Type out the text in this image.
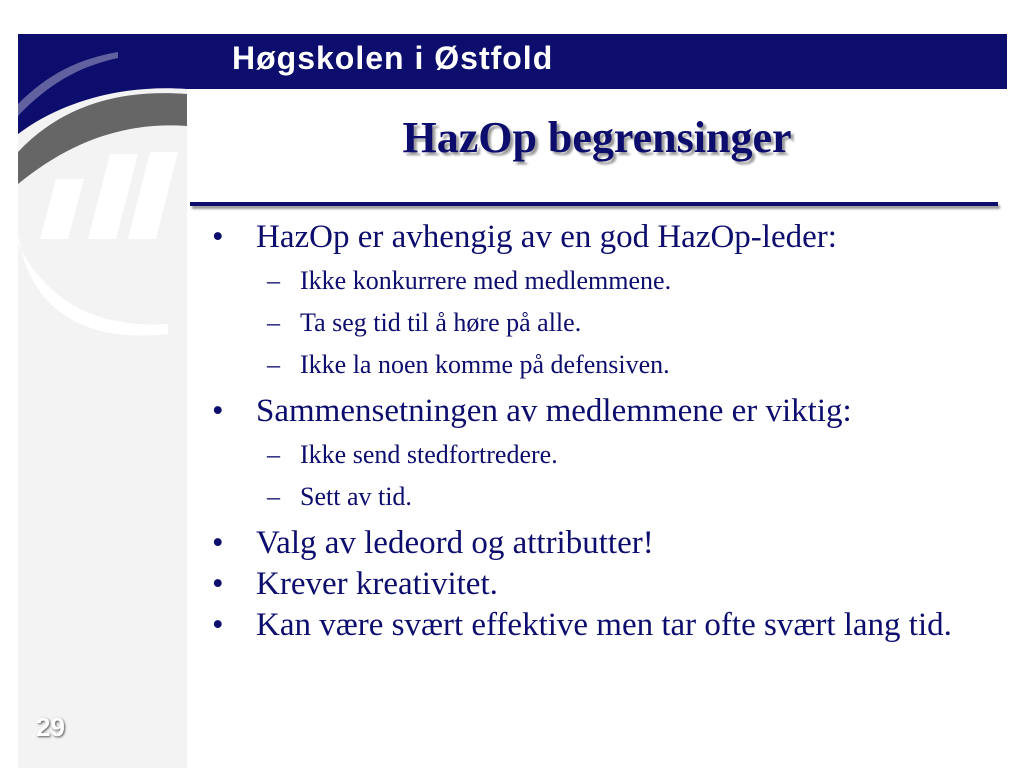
Høgskolen i Østfold
HazOp begrensinger
• HazOp er avhengig av en god HazOp-leder:
– Ikke konkurrere med medlemmene.
– Ta seg tid til å høre på alle.
– Ikke la noen komme på defensiven.
• Sammensetningen av medlemmene er viktig:
– Ikke send stedfortredere.
– Sett av tid.
• Valg av ledeord og attributter!
• Krever kreativitet.
• Kan være svært effektive men tar ofte svært lang tid.
29
